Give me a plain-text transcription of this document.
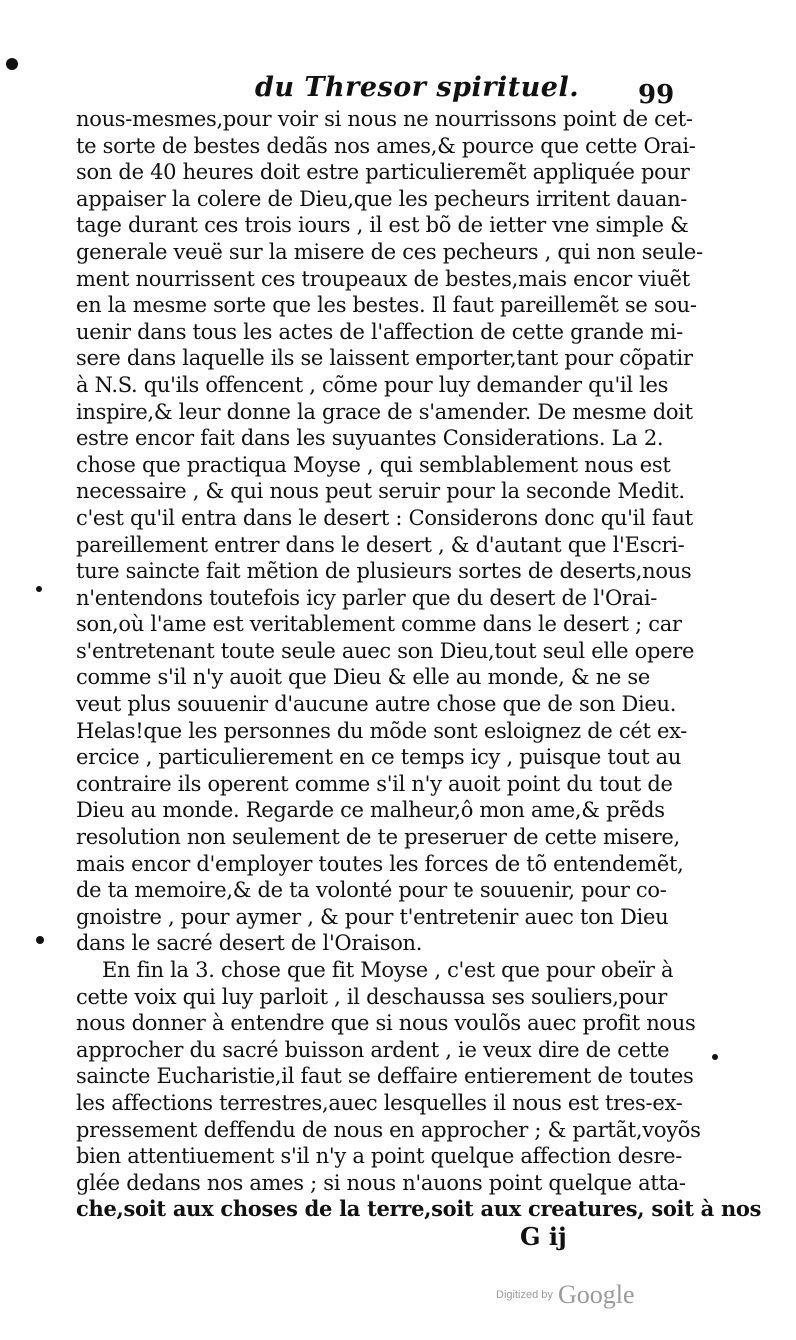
du Thresor spirituel.	99
nous-mesmes,pour voir si nous ne nourrissons point de cet-
te sorte de bestes dedãs nos ames,& pource que cette Orai-
son de 40 heures doit estre particulieremẽt appliquée pour
appaiser la colere de Dieu,que les pecheurs irritent dauan-
tage durant ces trois iours , il est bõ de ietter vne simple &
generale veuë sur la misere de ces pecheurs , qui non seule-
ment nourrissent ces troupeaux de bestes,mais encor viuẽt
en la mesme sorte que les bestes. Il faut pareillemẽt se sou-
uenir dans tous les actes de l'affection de cette grande mi-
sere dans laquelle ils se laissent emporter,tant pour cõpatir
à N.S. qu'ils offencent , cõme pour luy demander qu'il les
inspire,& leur donne la grace de s'amender. De mesme doit
estre encor fait dans les suyuantes Considerations. La 2.
chose que practiqua Moyse , qui semblablement nous est
necessaire , & qui nous peut seruir pour la seconde Medit.
c'est qu'il entra dans le desert : Considerons donc qu'il faut
pareillement entrer dans le desert , & d'autant que l'Escri-
ture saincte fait mẽtion de plusieurs sortes de deserts,nous
n'entendons toutefois icy parler que du desert de l'Orai-
son,où l'ame est veritablement comme dans le desert ; car
s'entretenant toute seule auec son Dieu,tout seul elle opere
comme s'il n'y auoit que Dieu & elle au monde, & ne se
veut plus souuenir d'aucune autre chose que de son Dieu.
Helas!que les personnes du mõde sont esloignez de cét ex-
ercice , particulierement en ce temps icy , puisque tout au
contraire ils operent comme s'il n'y auoit point du tout de
Dieu au monde. Regarde ce malheur,ô mon ame,& prẽds
resolution non seulement de te preseruer de cette misere,
mais encor d'employer toutes les forces de tõ entendemẽt,
de ta memoire,& de ta volonté pour te souuenir, pour co-
gnoistre , pour aymer , & pour t'entretenir auec ton Dieu
dans le sacré desert de l'Oraison.
En fin la 3. chose que fit Moyse , c'est que pour obeïr à
cette voix qui luy parloit , il deschaussa ses souliers,pour
nous donner à entendre que si nous voulõs auec profit nous
approcher du sacré buisson ardent , ie veux dire de cette
saincte Eucharistie,il faut se deffaire entierement de toutes
les affections terrestres,auec lesquelles il nous est tres-ex-
pressement deffendu de nous en approcher ; & partãt,voyõs
bien attentiuement s'il n'y a point quelque affection desre-
glée dedans nos ames ; si nous n'auons point quelque atta-
che,soit aux choses de la terre,soit aux creatures, soit à nos
G ij
Digitized by Google
